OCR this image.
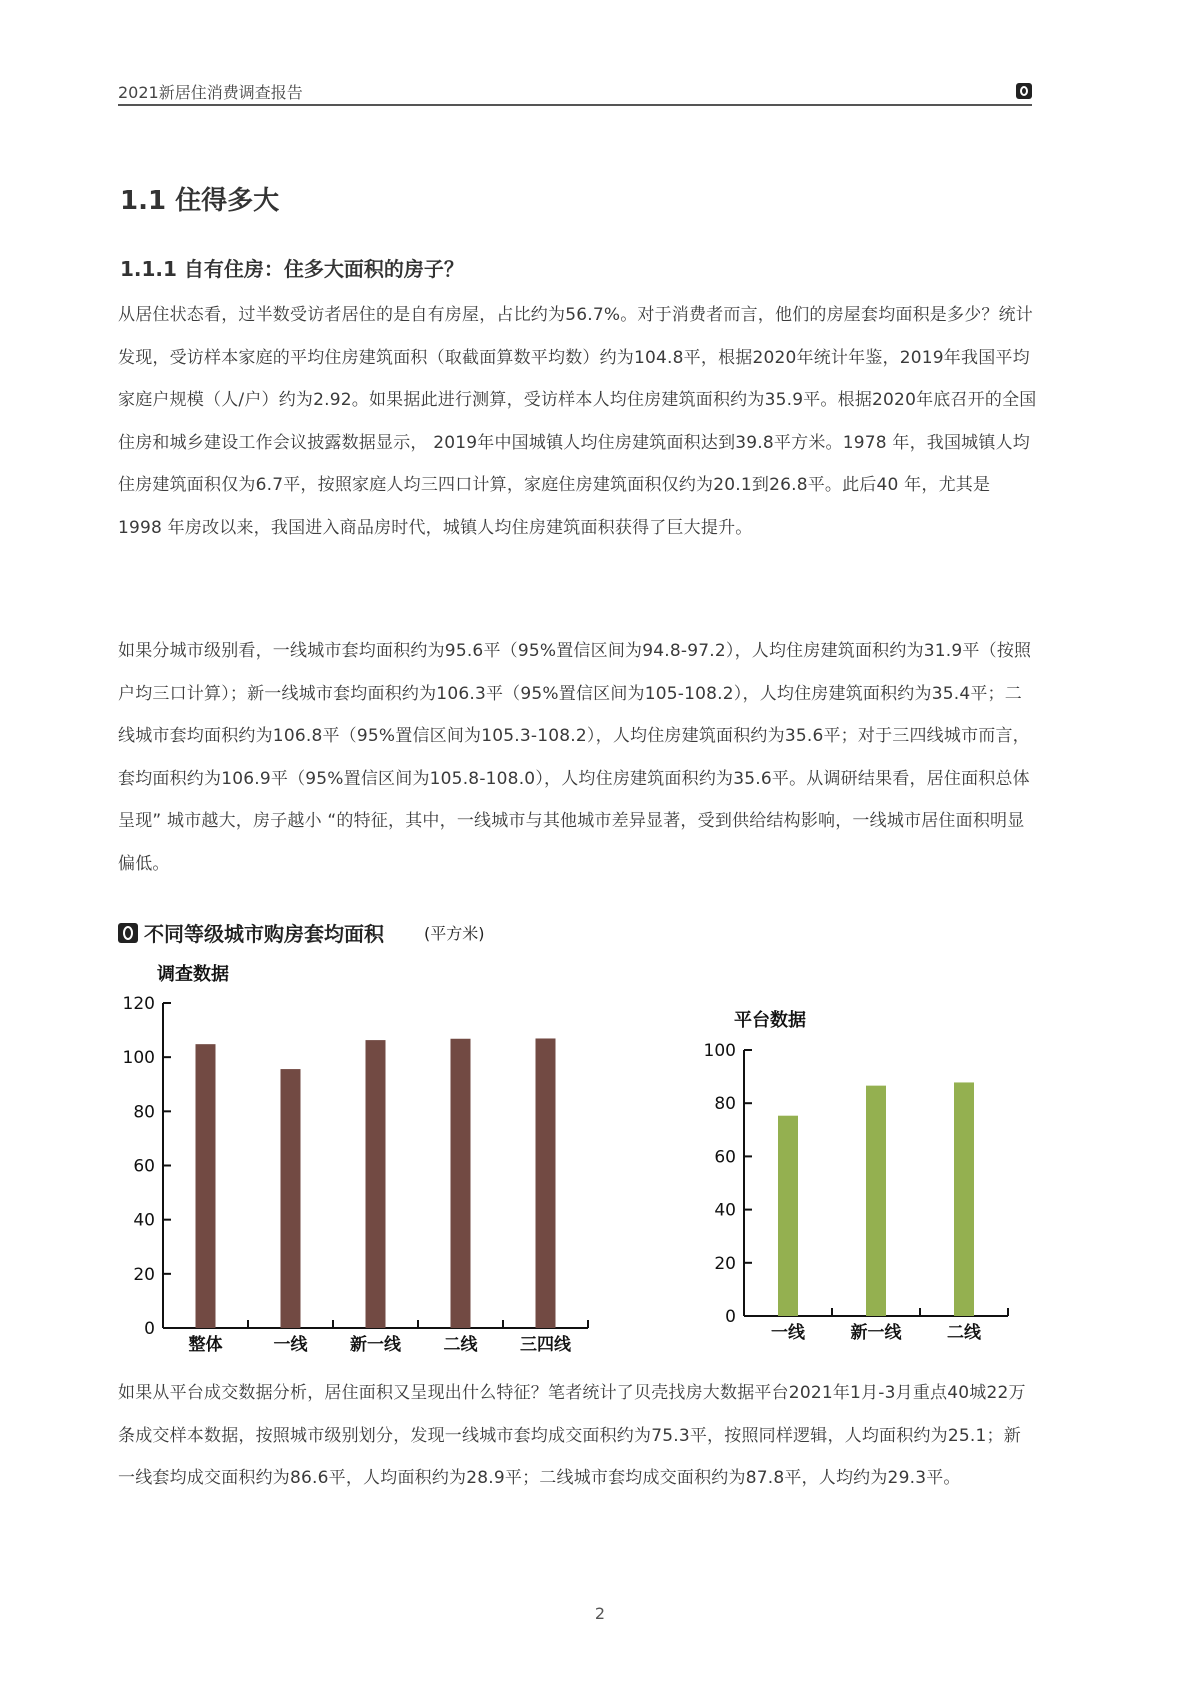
2021新居住消费调查报告
1.1 住得多大
1.1.1 自有住房：住多大面积的房子？

从居住状态看，过半数受访者居住的是自有房屋，占比约为56.7%。对于消费者而言，他们的房屋套均面积是多少？统计发现，受访样本家庭的平均住房建筑面积（取截面算数平均数）约为104.8平，根据2020年统计年鉴，2019年我国平均家庭户规模（人/户）约为2.92。如果据此进行测算，受访样本人均住房建筑面积约为35.9平。根据2020年底召开的全国住房和城乡建设工作会议披露数据显示， 2019年中国城镇人均住房建筑面积达到39.8平方米。1978 年，我国城镇人均住房建筑面积仅为6.7平，按照家庭人均三四口计算，家庭住房建筑面积仅约为20.1到26.8平。此后40 年，尤其是 1998 年房改以来，我国进入商品房时代，城镇人均住房建筑面积获得了巨大提升。

如果分城市级别看，一线城市套均面积约为95.6平（95%置信区间为94.8-97.2），人均住房建筑面积约为31.9平（按照户均三口计算）；新一线城市套均面积约为106.3平（95%置信区间为105-108.2），人均住房建筑面积约为35.4平；二线城市套均面积约为106.8平（95%置信区间为105.3-108.2），人均住房建筑面积约为35.6平；对于三四线城市而言，套均面积约为106.9平（95%置信区间为105.8-108.0），人均住房建筑面积约为35.6平。从调研结果看，居住面积总体呈现” 城市越大，房子越小 “的特征，其中，一线城市与其他城市差异显著，受到供给结构影响，一线城市居住面积明显偏低。

不同等级城市购房套均面积	(平方米)
调查数据
0
20
40
60
80
100
120
整体	一线	新一线	二线	三四线
平台数据
0
20
40
60
80
100
一线	新一线	二线

如果从平台成交数据分析，居住面积又呈现出什么特征？笔者统计了贝壳找房大数据平台2021年1月-3月重点40城22万条成交样本数据，按照城市级别划分，发现一线城市套均成交面积约为75.3平，按照同样逻辑，人均面积约为25.1；新一线套均成交面积约为86.6平，人均面积约为28.9平；二线城市套均成交面积约为87.8平，人均约为29.3平。

2
